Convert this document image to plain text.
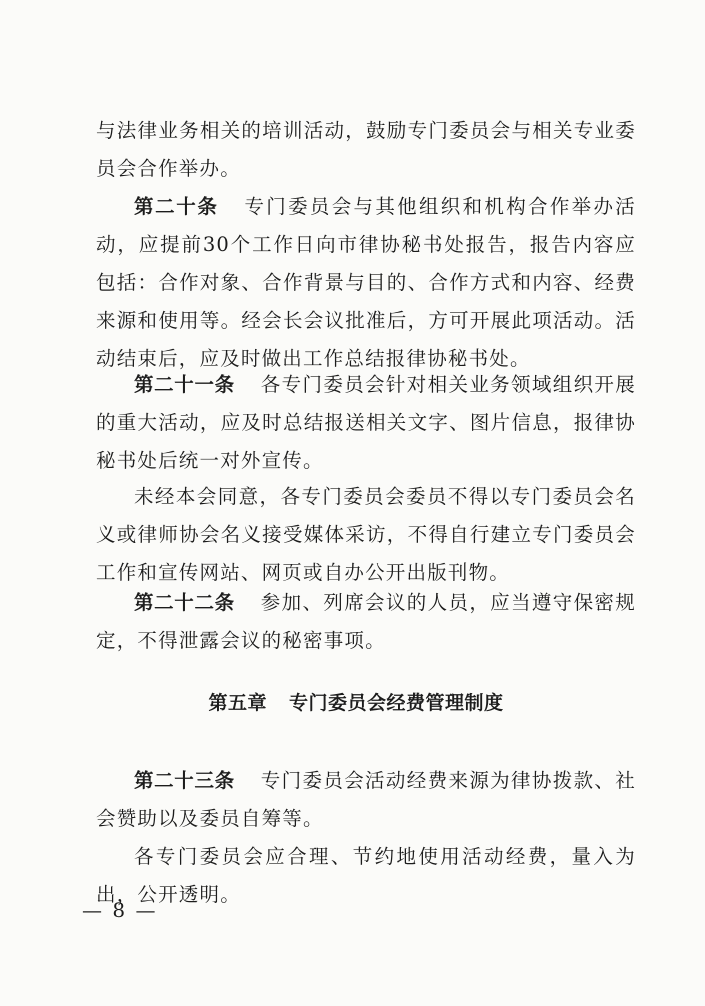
与法律业务相关的培训活动，鼓励专门委员会与相关专业委员会合作举办。

第二十条 专门委员会与其他组织和机构合作举办活动，应提前30个工作日向市律协秘书处报告，报告内容应包括：合作对象、合作背景与目的、合作方式和内容、经费来源和使用等。经会长会议批准后，方可开展此项活动。活动结束后，应及时做出工作总结报律协秘书处。

第二十一条 各专门委员会针对相关业务领域组织开展的重大活动，应及时总结报送相关文字、图片信息，报律协秘书处后统一对外宣传。

未经本会同意，各专门委员会委员不得以专门委员会名义或律师协会名义接受媒体采访，不得自行建立专门委员会工作和宣传网站、网页或自办公开出版刊物。

第二十二条 参加、列席会议的人员，应当遵守保密规定，不得泄露会议的秘密事项。

第五章 专门委员会经费管理制度

第二十三条 专门委员会活动经费来源为律协拨款、社会赞助以及委员自筹等。

各专门委员会应合理、节约地使用活动经费，量入为出，公开透明。

— 8 —
